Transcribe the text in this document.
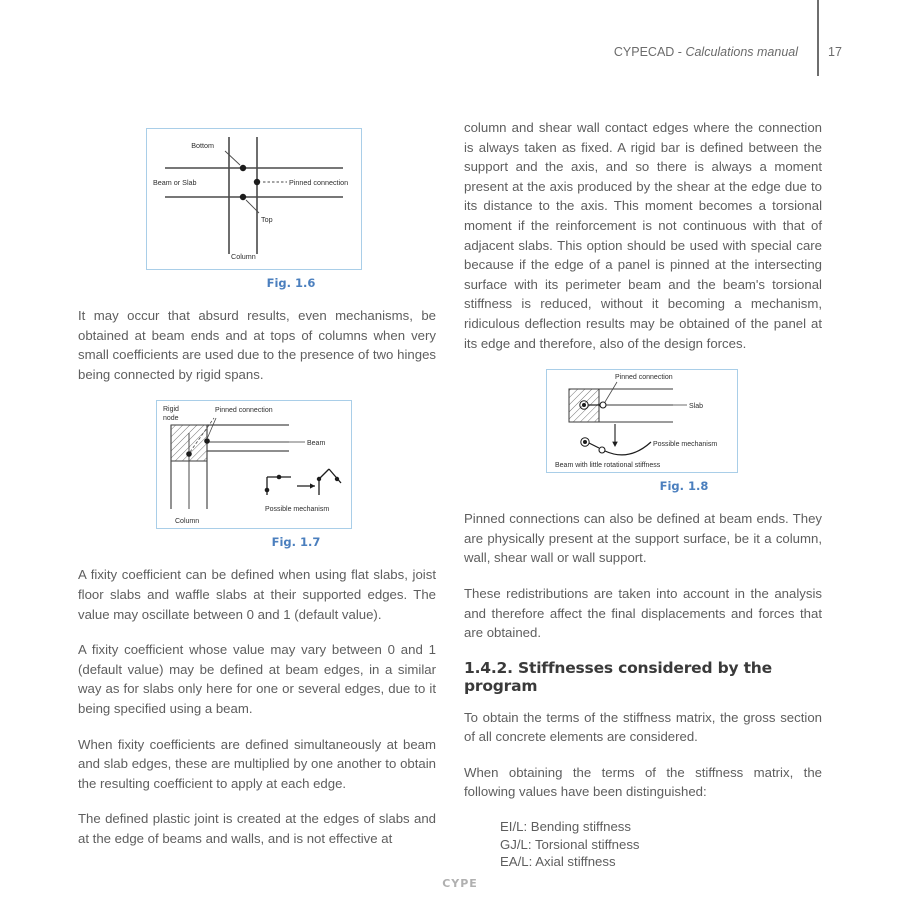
CYPECAD - Calculations manual 17
Bottom
Beam or Slab	Pinned connection
Top
Column
Fig. 1.6

It may occur that absurd results, even mechanisms, be obtained at beam ends and at tops of columns when very small coefficients are used due to the presence of two hinges being connected by rigid spans.

Rigid
node
Pinned connection
Beam
Possible mechanism
Column
Fig. 1.7

A fixity coefficient can be defined when using flat slabs, joist floor slabs and waffle slabs at their supported edges. The value may oscillate between 0 and 1 (default value).

A fixity coefficient whose value may vary between 0 and 1 (default value) may be defined at beam edges, in a similar way as for slabs only here for one or several edges, due to it being specified using a beam.

When fixity coefficients are defined simultaneously at beam and slab edges, these are multiplied by one another to obtain the resulting coefficient to apply at each edge.

The defined plastic joint is created at the edges of slabs and at the edge of beams and walls, and is not effective at

column and shear wall contact edges where the connection is always taken as fixed. A rigid bar is defined between the support and the axis, and so there is always a moment present at the axis produced by the shear at the edge due to its distance to the axis. This moment becomes a torsional moment if the reinforcement is not continuous with that of adjacent slabs. This option should be used with special care because if the edge of a panel is pinned at the intersecting surface with its perimeter beam and the beam's torsional stiffness is reduced, without it becoming a mechanism, ridiculous deflection results may be obtained of the panel at its edge and therefore, also of the design forces.

Pinned connection
Slab
Possible mechanism
Beam with little rotational stiffness
Fig. 1.8

Pinned connections can also be defined at beam ends. They are physically present at the support surface, be it a column, wall, shear wall or wall support.

These redistributions are taken into account in the analysis and therefore affect the final displacements and forces that are obtained.

1.4.2. Stiffnesses considered by the program

To obtain the terms of the stiffness matrix, the gross section of all concrete elements are considered.

When obtaining the terms of the stiffness matrix, the following values have been distinguished:

EI/L: Bending stiffness
GJ/L: Torsional stiffness
EA/L: Axial stiffness
CYPE
